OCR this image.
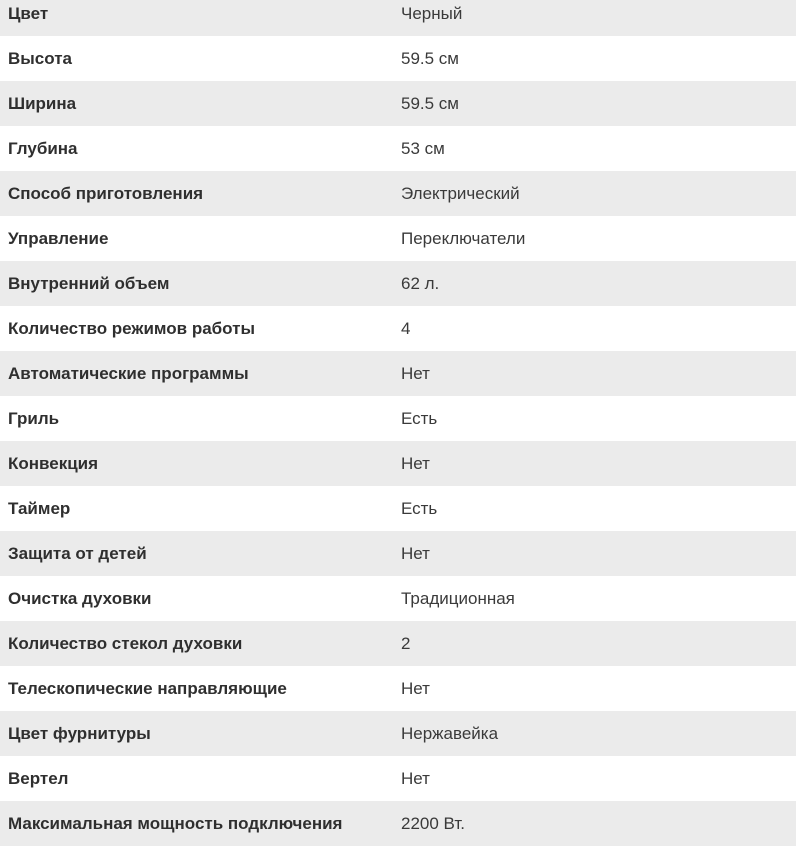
Цвет	Черный
Высота	59.5 см
Ширина	59.5 см
Глубина	53 см
Способ приготовления	Электрический
Управление	Переключатели
Внутренний объем	62 л.
Количество режимов работы	4
Автоматические программы	Нет
Гриль	Есть
Конвекция	Нет
Таймер	Есть
Защита от детей	Нет
Очистка духовки	Традиционная
Количество стекол духовки	2
Телескопические направляющие	Нет
Цвет фурнитуры	Нержавейка
Вертел	Нет
Максимальная мощность подключения	2200 Вт.
